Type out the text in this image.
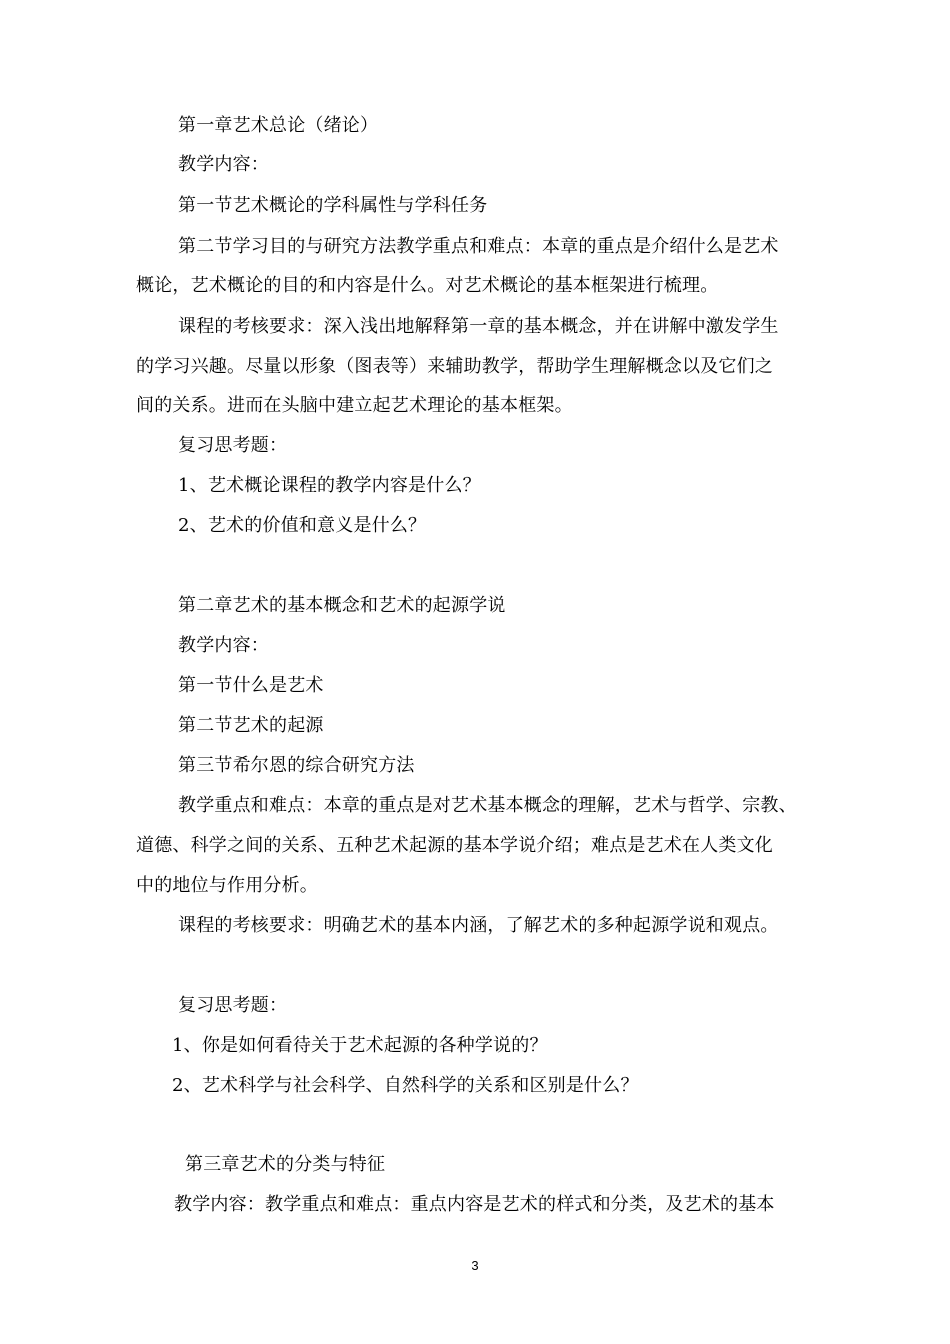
第一章艺术总论（绪论）
教学内容：
第一节艺术概论的学科属性与学科任务
第二节学习目的与研究方法教学重点和难点：本章的重点是介绍什么是艺术
概论，艺术概论的目的和内容是什么。对艺术概论的基本框架进行梳理。
课程的考核要求：深入浅出地解释第一章的基本概念，并在讲解中激发学生
的学习兴趣。尽量以形象（图表等）来辅助教学，帮助学生理解概念以及它们之
间的关系。进而在头脑中建立起艺术理论的基本框架。
复习思考题：
1、艺术概论课程的教学内容是什么？
2、艺术的价值和意义是什么？
第二章艺术的基本概念和艺术的起源学说
教学内容：
第一节什么是艺术
第二节艺术的起源
第三节希尔恩的综合研究方法
教学重点和难点：本章的重点是对艺术基本概念的理解，艺术与哲学、宗教、
道德、科学之间的关系、五种艺术起源的基本学说介绍；难点是艺术在人类文化
中的地位与作用分析。
课程的考核要求：明确艺术的基本内涵，了解艺术的多种起源学说和观点。
复习思考题：
1、你是如何看待关于艺术起源的各种学说的？
2、艺术科学与社会科学、自然科学的关系和区别是什么？
第三章艺术的分类与特征
教学内容：教学重点和难点：重点内容是艺术的样式和分类，及艺术的基本
3
